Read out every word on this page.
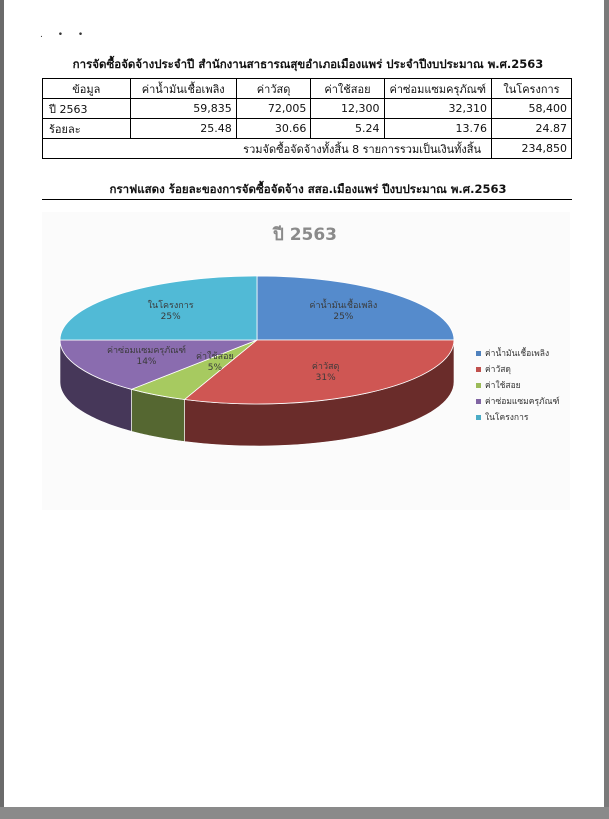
. • •
การจัดซื้อจัดจ้างประจำปี สำนักงานสาธารณสุขอำเภอเมืองแพร่ ประจำปีงบประมาณ พ.ศ.2563
ข้อมูล	ค่าน้ำมันเชื้อเพลิง	ค่าวัสดุ	ค่าใช้สอย	ค่าซ่อมแซมครุภัณฑ์	ในโครงการ
ปี 2563	59,835	72,005	12,300	32,310	58,400
ร้อยละ	25.48	30.66	5.24	13.76	24.87
รวมจัดซื้อจัดจ้างทั้งสิ้น 8 รายการรวมเป็นเงินทั้งสิ้น					234,850
กราฟแสดง ร้อยละของการจัดซื้อจัดจ้าง สสอ.เมืองแพร่ ปีงบประมาณ พ.ศ.2563
ปี 2563
ค่าน้ำมันเชื้อเพลิง
25%
ค่าวัสดุ
31%
ค่าใช้สอย
5%
ค่าซ่อมแซมครุภัณฑ์
14%
ในโครงการ
25%
ค่าน้ำมันเชื้อเพลิง
ค่าวัสดุ
ค่าใช้สอย
ค่าซ่อมแซมครุภัณฑ์
ในโครงการ
